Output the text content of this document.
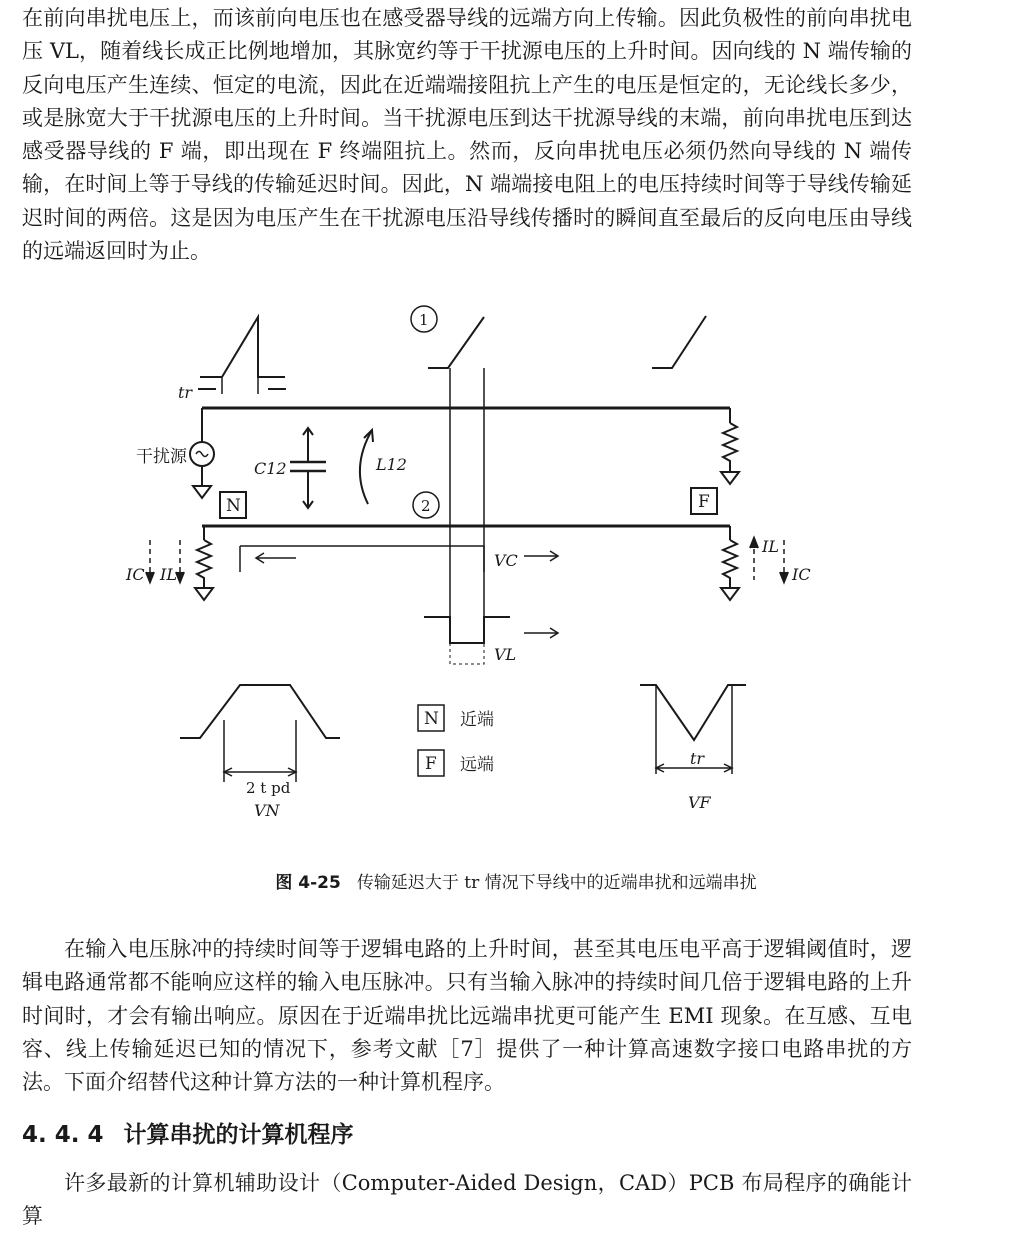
在前向串扰电压上，而该前向电压也在感受器导线的远端方向上传输。因此负极性的前向串扰电压 VL，随着线长成正比例地增加，其脉宽约等于干扰源电压的上升时间。因向线的 N 端传输的反向电压产生连续、恒定的电流，因此在近端端接阻抗上产生的电压是恒定的，无论线长多少，或是脉宽大于干扰源电压的上升时间。当干扰源电压到达干扰源导线的末端，前向串扰电压到达感受器导线的 F 端，即出现在 F 终端阻抗上。然而，反向串扰电压必须仍然向导线的 N 端传输，在时间上等于导线的传输延迟时间。因此，N 端端接电阻上的电压持续时间等于导线传输延迟时间的两倍。这是因为电压产生在干扰源电压沿导线传播时的瞬间直至最后的反向电压由导线的远端返回时为止。

tr
干扰源
C12	L12
1
2
N	F
IC IL
IL
IC
VC
VL
N
F
近端
远端
2 t pd
VN
tr
VF

图 4-25 传输延迟大于 tr 情况下导线中的近端串扰和远端串扰

在输入电压脉冲的持续时间等于逻辑电路的上升时间，甚至其电压电平高于逻辑阈值时，逻辑电路通常都不能响应这样的输入电压脉冲。只有当输入脉冲的持续时间几倍于逻辑电路的上升时间时，才会有输出响应。原因在于近端串扰比远端串扰更可能产生 EMI 现象。在互感、互电容、线上传输延迟已知的情况下，参考文献［7］提供了一种计算高速数字接口电路串扰的方法。下面介绍替代这种计算方法的一种计算机程序。

4. 4. 4 计算串扰的计算机程序

许多最新的计算机辅助设计（Computer-Aided Design，CAD）PCB 布局程序的确能计算
